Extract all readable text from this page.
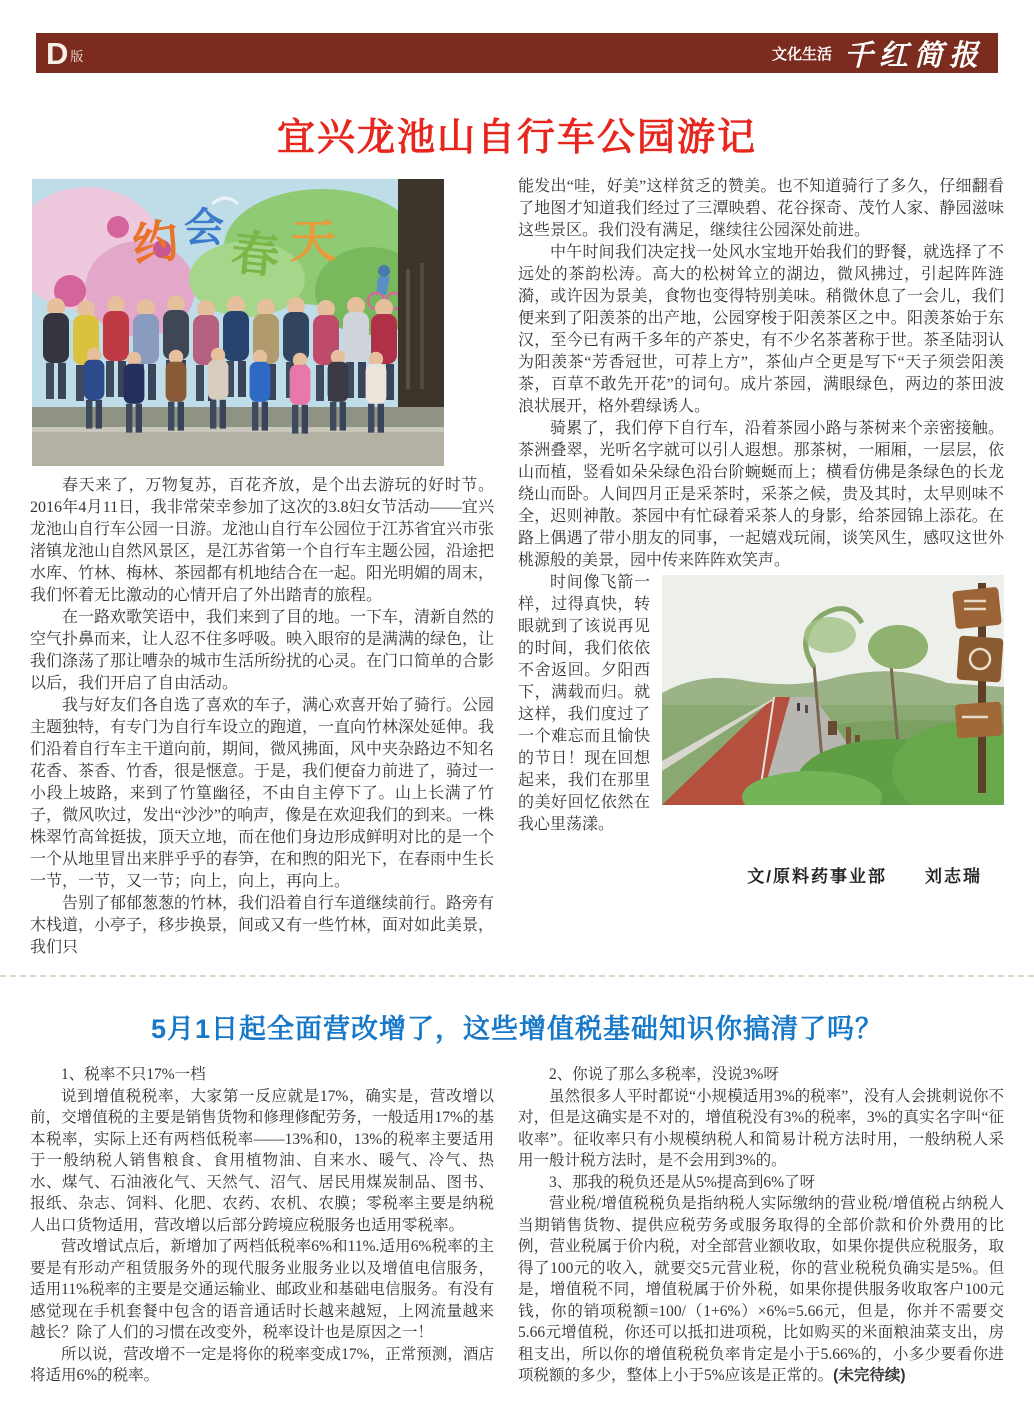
D 版	文化生活 千红简报
宜兴龙池山自行车公园游记
约 会 春 天

春天来了，万物复苏，百花齐放，是个出去游玩的好时节。2016年4月11日，我非常荣幸参加了这次的3.8妇女节活动——宜兴龙池山自行车公园一日游。龙池山自行车公园位于江苏省宜兴市张渚镇龙池山自然风景区，是江苏省第一个自行车主题公园，沿途把水库、竹林、梅林、茶园都有机地结合在一起。阳光明媚的周末，我们怀着无比激动的心情开启了外出踏青的旅程。

在一路欢歌笑语中，我们来到了目的地。一下车，清新自然的空气扑鼻而来，让人忍不住多呼吸。映入眼帘的是满满的绿色，让我们涤荡了那让嘈杂的城市生活所纷扰的心灵。在门口简单的合影以后，我们开启了自由活动。

我与好友们各自选了喜欢的车子，满心欢喜开始了骑行。公园主题独特，有专门为自行车设立的跑道，一直向竹林深处延伸。我们沿着自行车主干道向前，期间，微风拂面，风中夹杂路边不知名花香、茶香、竹香，很是惬意。于是，我们便奋力前进了，骑过一小段上坡路，来到了竹篁幽径，不由自主停下了。山上长满了竹子，微风吹过，发出“沙沙”的响声，像是在欢迎我们的到来。一株株翠竹高耸挺拔，顶天立地，而在他们身边形成鲜明对比的是一个一个从地里冒出来胖乎乎的春笋，在和煦的阳光下，在春雨中生长一节，一节，又一节；向上，向上，再向上。

告别了郁郁葱葱的竹林，我们沿着自行车道继续前行。路旁有木栈道，小亭子，移步换景，间或又有一些竹林，面对如此美景，我们只

能发出“哇，好美”这样贫乏的赞美。也不知道骑行了多久，仔细翻看了地图才知道我们经过了三潭映碧、花谷探奇、茂竹人家、静园滋味这些景区。我们没有满足，继续往公园深处前进。

中午时间我们决定找一处风水宝地开始我们的野餐，就选择了不远处的茶韵松涛。高大的松树耸立的湖边，微风拂过，引起阵阵涟漪，或许因为景美，食物也变得特别美味。稍微休息了一会儿，我们便来到了阳羡茶的出产地，公园穿梭于阳羡茶区之中。阳羡茶始于东汉，至今已有两千多年的产茶史，有不少名茶著称于世。茶圣陆羽认为阳羡茶“芳香冠世，可荐上方”，茶仙卢仝更是写下“天子须尝阳羡茶，百草不敢先开花”的词句。成片茶园，满眼绿色，两边的茶田波浪状展开，格外碧绿诱人。

骑累了，我们停下自行车，沿着茶园小路与茶树来个亲密接触。茶洲叠翠，光听名字就可以引人遐想。那茶树，一厢厢，一层层，依山而植，竖看如朵朵绿色沿台阶蜿蜒而上；横看仿佛是条绿色的长龙绕山而卧。人间四月正是采茶时，采茶之候，贵及其时，太早则味不全，迟则神散。茶园中有忙碌着采茶人的身影，给茶园锦上添花。在路上偶遇了带小朋友的同事，一起嬉戏玩闹，谈笑风生，感叹这世外桃源般的美景，园中传来阵阵欢笑声。

时间像飞箭一样，过得真快，转眼就到了该说再见的时间，我们依依不舍返回。夕阳西下，满载而归。就这样，我们度过了一个难忘而且愉快的节日！现在回想起来，我们在那里的美好回忆依然在我心里荡漾。

文/原料药事业部　　刘志瑞
5月1日起全面营改增了，这些增值税基础知识你搞清了吗？

1、税率不只17%一档

说到增值税税率，大家第一反应就是17%，确实是，营改增以前，交增值税的主要是销售货物和修理修配劳务，一般适用17%的基本税率，实际上还有两档低税率——13%和0，13%的税率主要适用于一般纳税人销售粮食、食用植物油、自来水、暖气、冷气、热水、煤气、石油液化气、天然气、沼气、居民用煤炭制品、图书、报纸、杂志、饲料、化肥、农药、农机、农膜；零税率主要是纳税人出口货物适用，营改增以后部分跨境应税服务也适用零税率。

营改增试点后，新增加了两档低税率6%和11%.适用6%税率的主要是有形动产租赁服务外的现代服务业服务业以及增值电信服务，适用11%税率的主要是交通运输业、邮政业和基础电信服务。有没有感觉现在手机套餐中包含的语音通话时长越来越短，上网流量越来越长？除了人们的习惯在改变外，税率设计也是原因之一！

所以说，营改增不一定是将你的税率变成17%，正常预测，酒店将适用6%的税率。

2、你说了那么多税率，没说3%呀

虽然很多人平时都说“小规模适用3%的税率”，没有人会挑刺说你不对，但是这确实是不对的，增值税没有3%的税率，3%的真实名字叫“征收率”。征收率只有小规模纳税人和简易计税方法时用，一般纳税人采用一般计税方法时，是不会用到3%的。

3、那我的税负还是从5%提高到6%了呀

营业税/增值税税负是指纳税人实际缴纳的营业税/增值税占纳税人当期销售货物、提供应税劳务或服务取得的全部价款和价外费用的比例，营业税属于价内税，对全部营业额收取，如果你提供应税服务，取得了100元的收入，就要交5元营业税，你的营业税税负确实是5%。但是，增值税不同，增值税属于价外税，如果你提供服务收取客户100元钱，你的销项税额=100/（1+6%）×6%=5.66元，但是，你并不需要交5.66元增值税，你还可以抵扣进项税，比如购买的米面粮油菜支出，房租支出，所以你的增值税税负率肯定是小于5.66%的，小多少要看你进项税额的多少，整体上小于5%应该是正常的。(未完待续)
